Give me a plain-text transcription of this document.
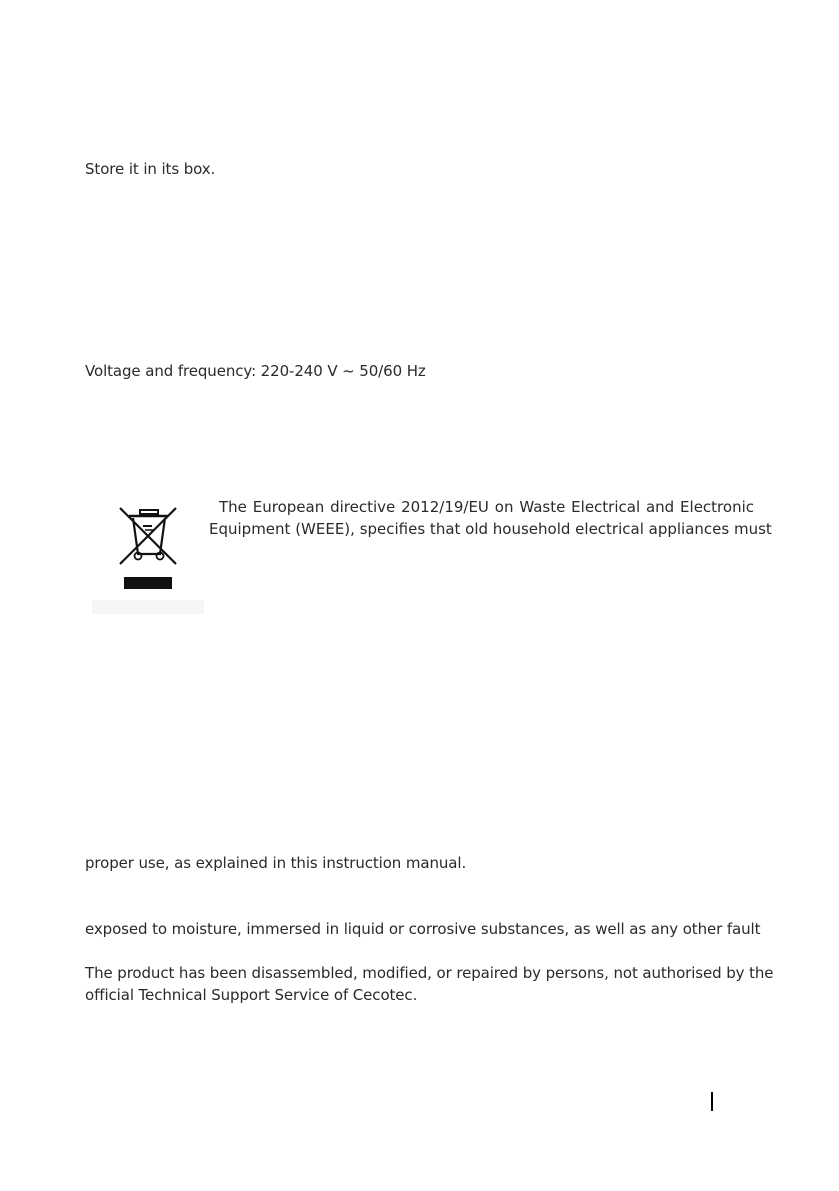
Store it in its box.
Voltage and frequency: 220-240 V ~ 50/60 Hz
The European directive 2012/19/EU on Waste Electrical and Electronic
Equipment (WEEE), specifies that old household electrical appliances must
proper use, as explained in this instruction manual.
exposed to moisture, immersed in liquid or corrosive substances, as well as any other fault
The product has been disassembled, modified, or repaired by persons, not authorised by the
official Technical Support Service of Cecotec.
